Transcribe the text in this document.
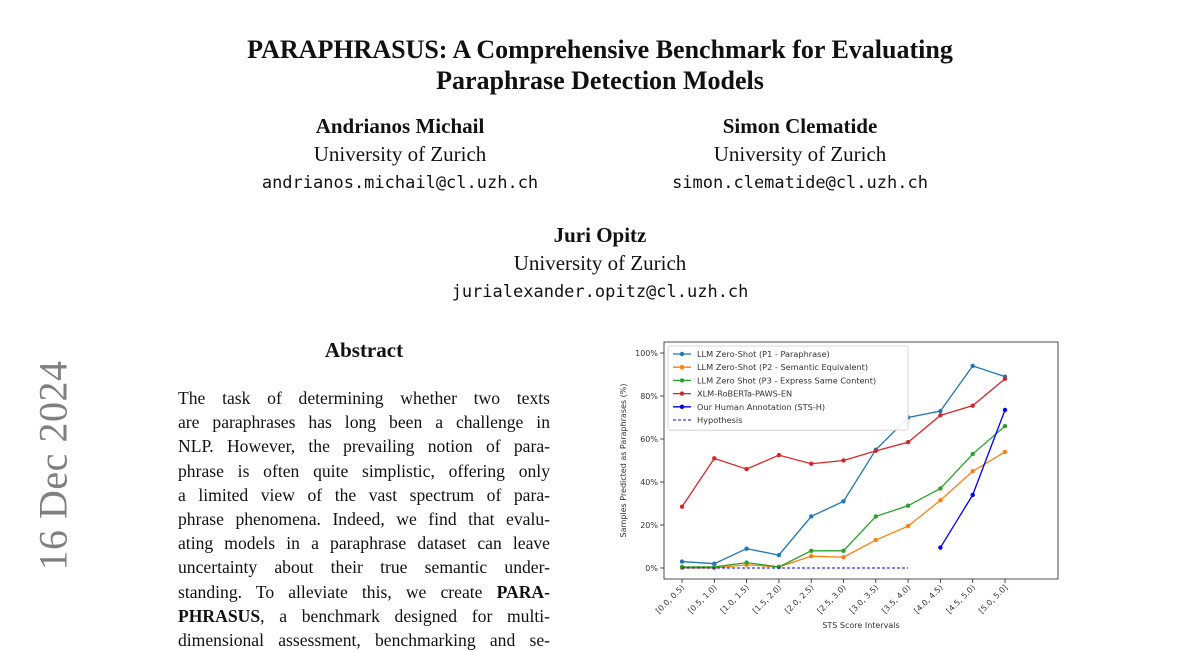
16 Dec 2024
PARAPHRASUS: A Comprehensive Benchmark for Evaluating
Paraphrase Detection Models
Andrianos Michail
University of Zurich
andrianos.michail@cl.uzh.ch
Simon Clematide
University of Zurich
simon.clematide@cl.uzh.ch
Juri Opitz
University of Zurich
jurialexander.opitz@cl.uzh.ch
Abstract
The task of determining whether two texts
are paraphrases has long been a challenge in
NLP. However, the prevailing notion of para-
phrase is often quite simplistic, offering only
a limited view of the vast spectrum of para-
phrase phenomena. Indeed, we find that evalu-
ating models in a paraphrase dataset can leave
uncertainty about their true semantic under-
standing. To alleviate this, we create PARA-
PHRASUS, a benchmark designed for multi-
dimensional assessment, benchmarking and se-
0%
20%
40%
60%
80%
100%
[0.0, 0.5) [0.5, 1.0) [1.0, 1.5) [1.5, 2.0) [2.0, 2.5) [2.5, 3.0) [3.0, 3.5) [3.5, 4.0) [4.0, 4.5) [4.5, 5.0) [5.0, 5.0]
STS Score Intervals
Samples Predicted as Paraphrases (%)
LLM Zero-Shot (P1 - Paraphrase)
LLM Zero-Shot (P2 - Semantic Equivalent)
LLM Zero Shot (P3 - Express Same Content)
XLM-RoBERTa-PAWS-EN
Our Human Annotation (STS-H)
Hypothesis
